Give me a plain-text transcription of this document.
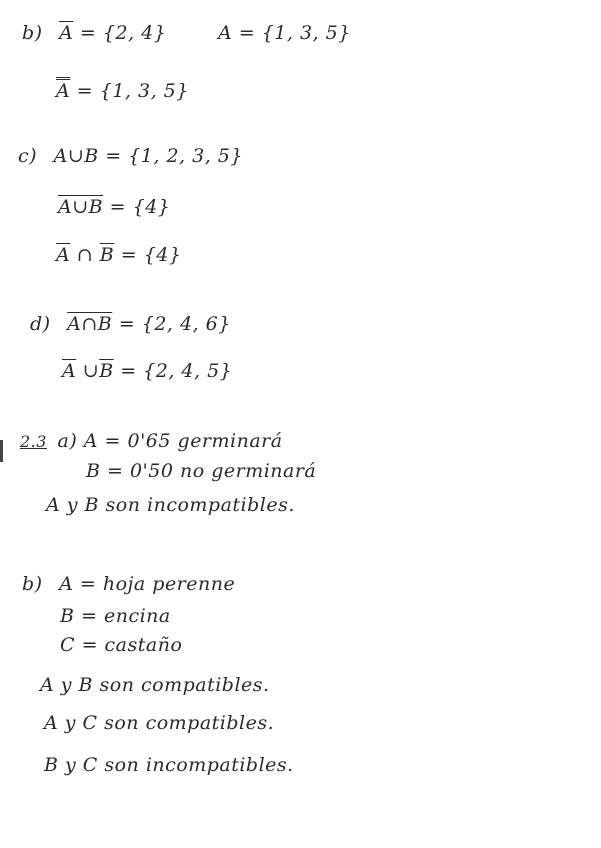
b) $\overline{A} = \{2$, 4}	A = {1, 3, 5}
A = {1, 3, 5}
c) A∪B = {1, 2, 3, 5}
A∪B = {4}
$\overline{A}$ ∩ $\overline{B} = \{4\}$
d) A∩B = {2, 4, 6}
$\overline{A}$ $\cup\overline{B} = \{2$, 4, 5}
2.3 a) A = 0'65 germinará
B = 0'50 no germinará
A y B son incompatibles.
b) A = hoja perenne
B = encina
C = castaño
A y B son compatibles.
A y C son compatibles.
B y C son incompatibles.
